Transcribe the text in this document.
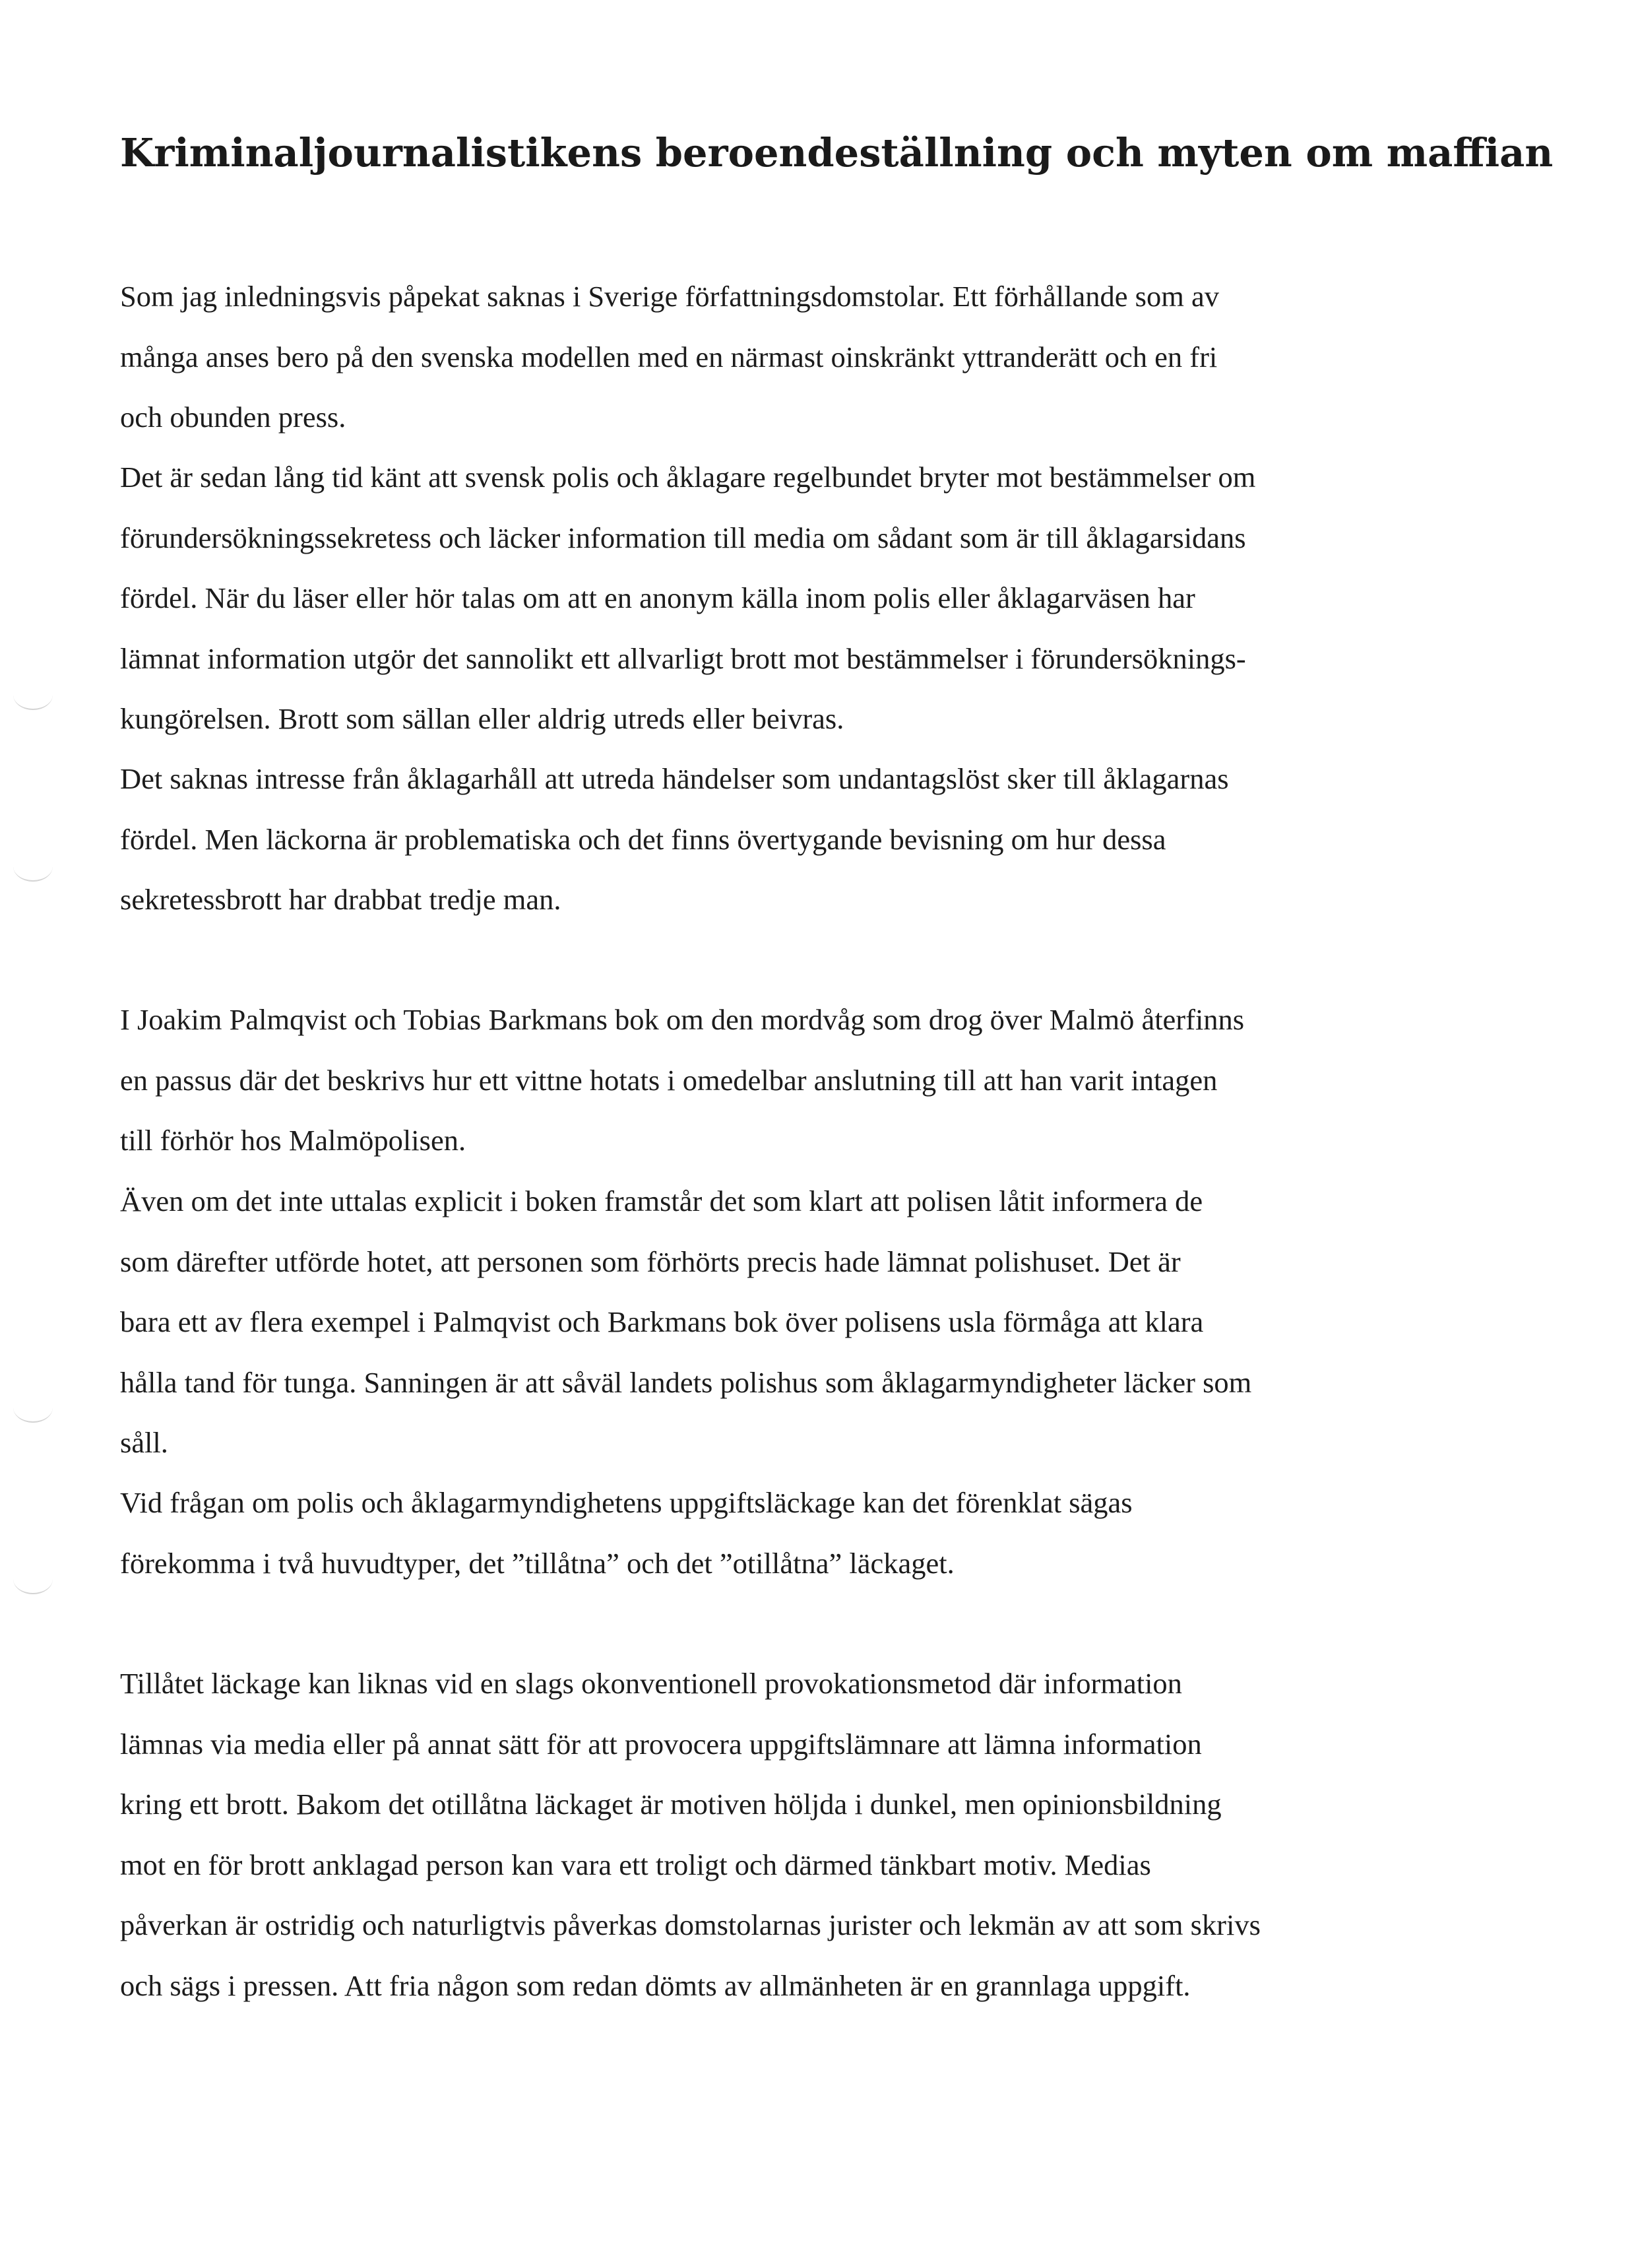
Kriminaljournalistikens beroendeställning och myten om maffian

Som jag inledningsvis påpekat saknas i Sverige författningsdomstolar. Ett förhållande som av
många anses bero på den svenska modellen med en närmast oinskränkt yttranderätt och en fri
och obunden press.

Det är sedan lång tid känt att svensk polis och åklagare regelbundet bryter mot bestämmelser om
förundersökningssekretess och läcker information till media om sådant som är till åklagarsidans
fördel. När du läser eller hör talas om att en anonym källa inom polis eller åklagarväsen har
lämnat information utgör det sannolikt ett allvarligt brott mot bestämmelser i förundersöknings-
kungörelsen. Brott som sällan eller aldrig utreds eller beivras.

Det saknas intresse från åklagarhåll att utreda händelser som undantagslöst sker till åklagarnas
fördel. Men läckorna är problematiska och det finns övertygande bevisning om hur dessa
sekretessbrott har drabbat tredje man.

I Joakim Palmqvist och Tobias Barkmans bok om den mordvåg som drog över Malmö återfinns
en passus där det beskrivs hur ett vittne hotats i omedelbar anslutning till att han varit intagen
till förhör hos Malmöpolisen.

Även om det inte uttalas explicit i boken framstår det som klart att polisen låtit informera de
som därefter utförde hotet, att personen som förhörts precis hade lämnat polishuset. Det är
bara ett av flera exempel i Palmqvist och Barkmans bok över polisens usla förmåga att klara
hålla tand för tunga. Sanningen är att såväl landets polishus som åklagarmyndigheter läcker som
såll.

Vid frågan om polis och åklagarmyndighetens uppgiftsläckage kan det förenklat sägas
förekomma i två huvudtyper, det ”tillåtna” och det ”otillåtna” läckaget.

Tillåtet läckage kan liknas vid en slags okonventionell provokationsmetod där information
lämnas via media eller på annat sätt för att provocera uppgiftslämnare att lämna information
kring ett brott. Bakom det otillåtna läckaget är motiven höljda i dunkel, men opinionsbildning
mot en för brott anklagad person kan vara ett troligt och därmed tänkbart motiv. Medias
påverkan är ostridig och naturligtvis påverkas domstolarnas jurister och lekmän av att som skrivs
och sägs i pressen. Att fria någon som redan dömts av allmänheten är en grannlaga uppgift.
